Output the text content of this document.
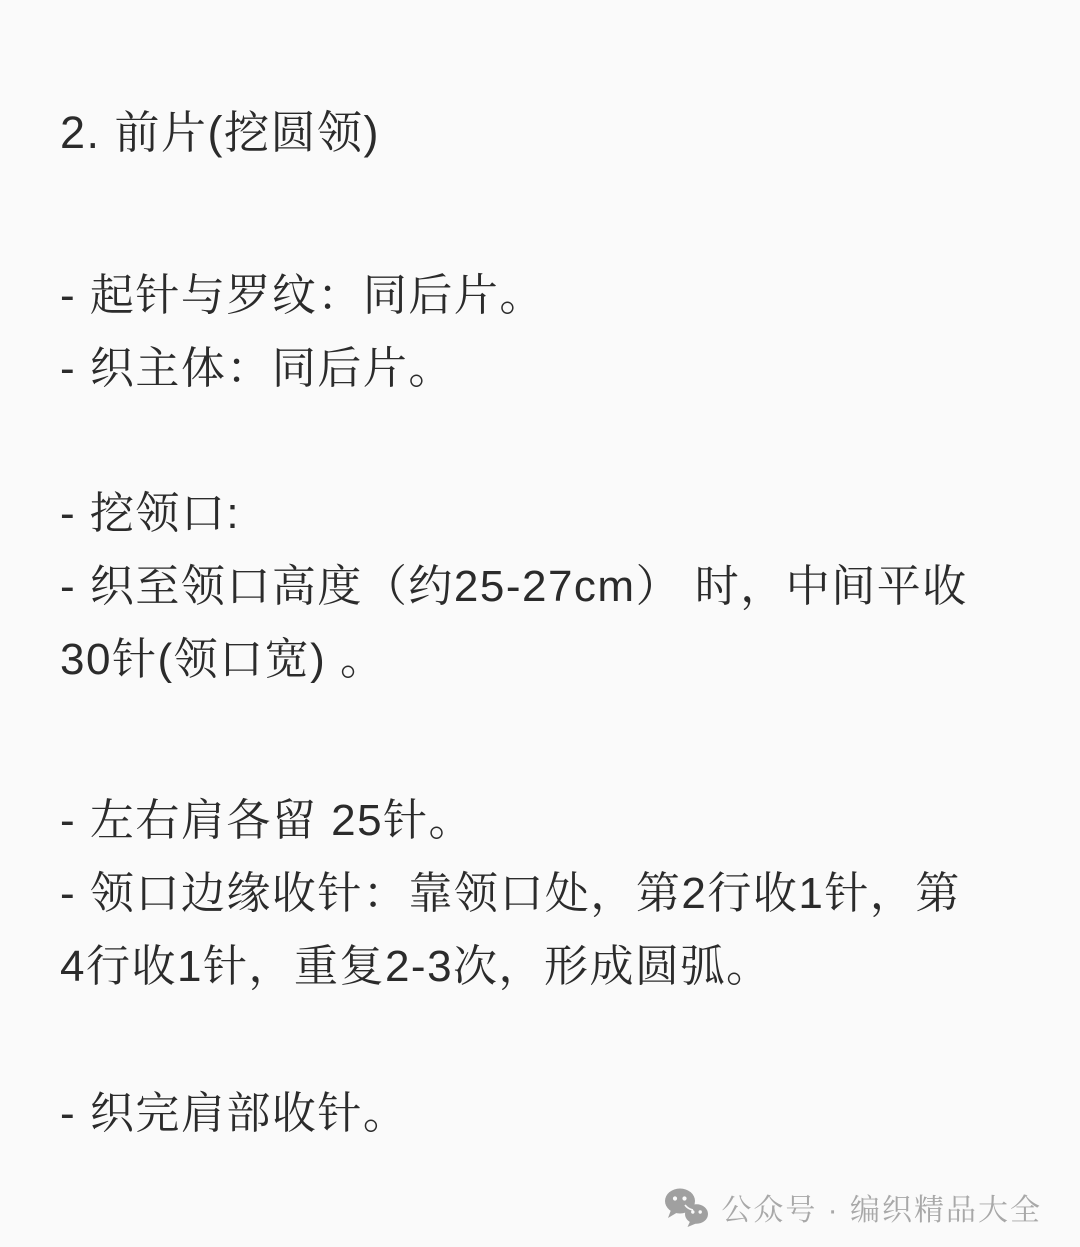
2. 前片(挖圆领)
- 起针与罗纹：同后片。
- 织主体：同后片。
- 挖领口:
- 织至领口高度（约25-27cm） 时，中间平收
30针(领口宽) 。
- 左右肩各留 25针。
- 领口边缘收针：靠领口处，第2行收1针，第
4行收1针，重复2-3次，形成圆弧。
- 织完肩部收针。
公众号 · 编织精品大全
